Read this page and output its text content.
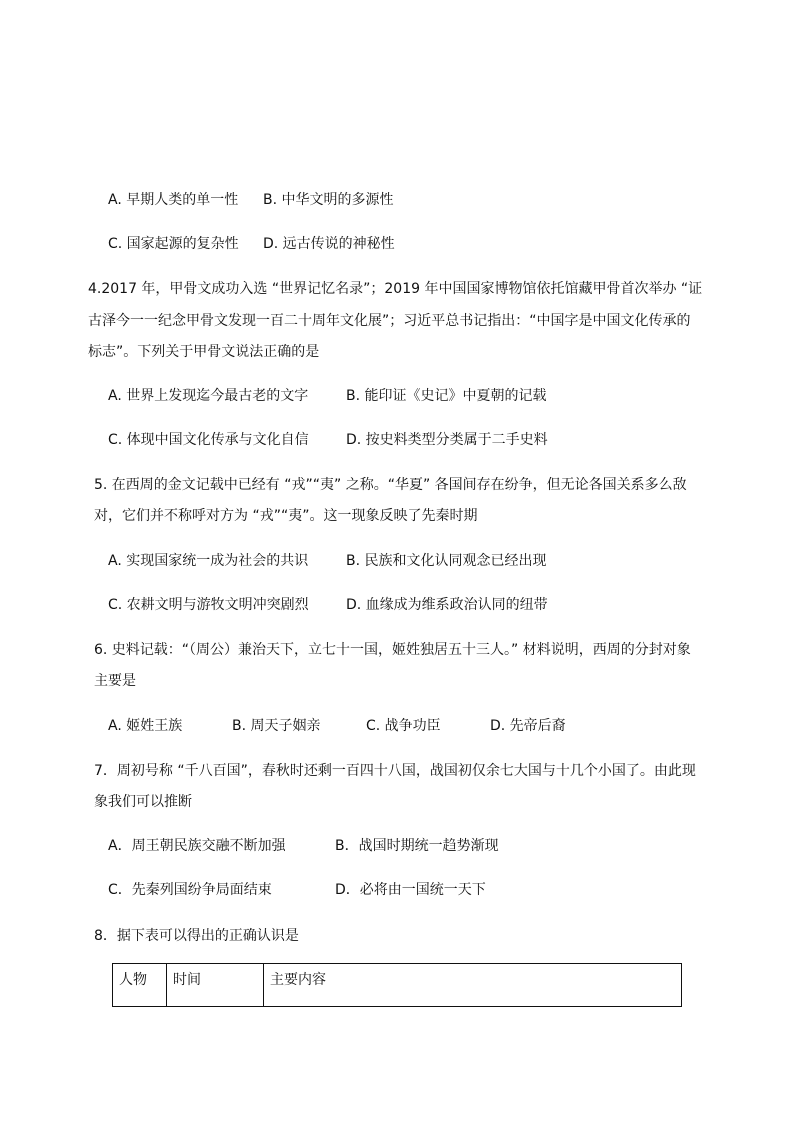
A. 早期人类的单一性 B. 中华文明的多源性
C. 国家起源的复杂性 D. 远古传说的神秘性
4.2017 年，甲骨文成功入选 “世界记忆名录”；2019 年中国国家博物馆依托馆藏甲骨首次举办 “证
古泽今一一纪念甲骨文发现一百二十周年文化展”；习近平总书记指出：“中国字是中国文化传承的
标志”。下列关于甲骨文说法正确的是
A. 世界上发现迄今最古老的文字	B. 能印证《史记》中夏朝的记载
C. 体现中国文化传承与文化自信	D. 按史料类型分类属于二手史料
5. 在西周的金文记载中已经有 “戎”“夷” 之称。“华夏” 各国间存在纷争，但无论各国关系多么敌
对，它们并不称呼对方为 “戎”“夷”。这一现象反映了先秦时期
A. 实现国家统一成为社会的共识	B. 民族和文化认同观念已经出现
C. 农耕文明与游牧文明冲突剧烈	D. 血缘成为维系政治认同的纽带
6. 史料记载：“（周公）兼治天下，立七十一国，姬姓独居五十三人。” 材料说明，西周的分封对象
主要是
A. 姬姓王族	B. 周天子姻亲	C. 战争功臣	D. 先帝后裔
7．周初号称 “千八百国”，春秋时还剩一百四十八国，战国初仅余七大国与十几个小国了。由此现
象我们可以推断
A．周王朝民族交融不断加强	B．战国时期统一趋势渐现
C．先秦列国纷争局面结束	D．必将由一国统一天下
8．据下表可以得出的正确认识是
人物	时间	主要内容
